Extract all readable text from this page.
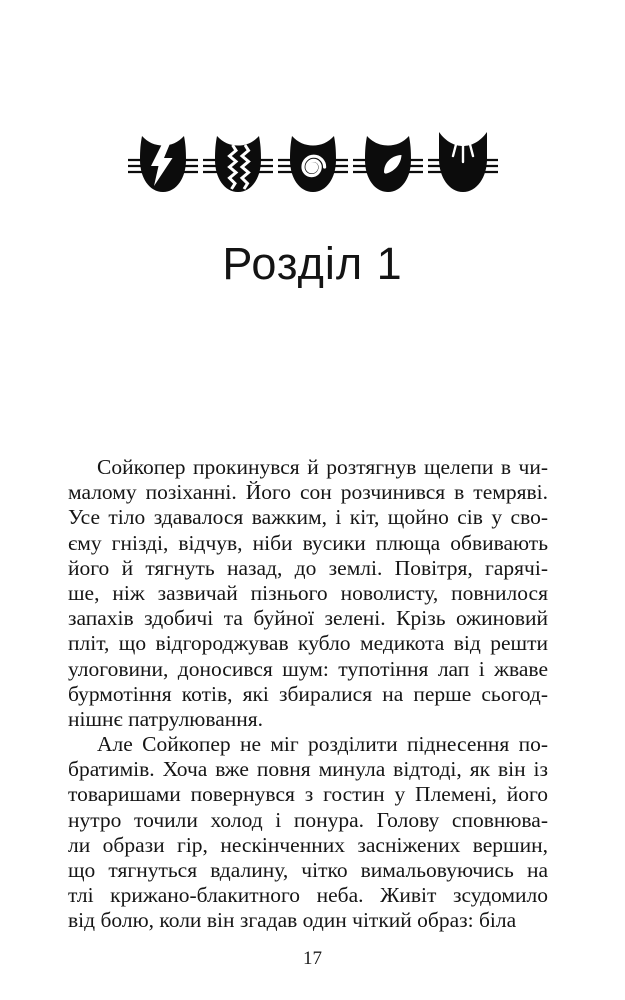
Розділ 1
Сойкопер прокинувся й розтягнув щелепи в чи-
малому позіханні. Його сон розчинився в темряві.
Усе тіло здавалося важким, і кіт, щойно сів у сво-
єму гнізді, відчув, ніби вусики плюща обвивають
його й тягнуть назад, до землі. Повітря, гарячі-
ше, ніж зазвичай пізнього новолисту, повнилося
запахів здобичі та буйної зелені. Крізь ожиновий
пліт, що відгороджував кубло медикота від решти
улоговини, доносився шум: тупотіння лап і жваве
бурмотіння котів, які збиралися на перше сьогод-
нішнє патрулювання.
Але Сойкопер не міг розділити піднесення по-
братимів. Хоча вже повня минула відтоді, як він із
товаришами повернувся з гостин у Племені, його
нутро точили холод і понура. Голову сповнюва-
ли образи гір, нескінченних засніжених вершин,
що тягнуться вдалину, чітко вимальовуючись на
тлі крижано-блакитного неба. Живіт зсудомило
від болю, коли він згадав один чіткий образ: біла
17
